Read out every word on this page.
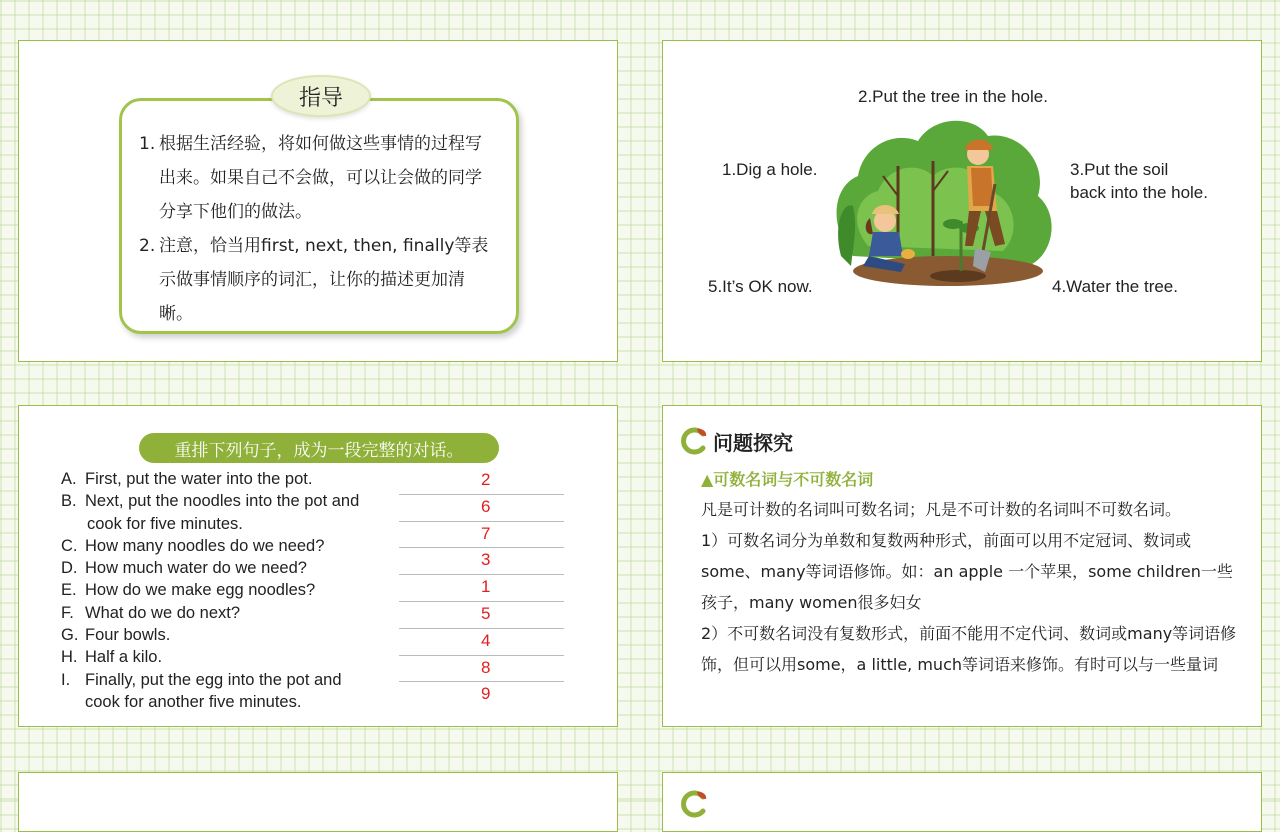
指导
1. 根据生活经验，将如何做这些事情的过程写出来。如果自己不会做，可以让会做的同学分享下他们的做法。
2. 注意，恰当用first, next, then, finally等表示做事情顺序的词汇，让你的描述更加清晰。
2.Put the tree in the hole.
1.Dig a hole.	3.Put the soil
back into the hole.
4.Water the tree.
5.It’s OK now.
重排下列句子，成为一段完整的对话。
A. First, put the water into the pot.
B. Next, put the noodles into the pot and
cook for five minutes.
C. How many noodles do we need?
D. How much water do we need?
E. How do we make egg noodles?
F. What do we do next?
G. Four bowls.
H. Half a kilo.
I. Finally, put the egg into the pot and
cook for another five minutes.
2
6
7
3
1
5
4
8
9
问题探究
▲可数名词与不可数名词

凡是可计数的名词叫可数名词；凡是不可计数的名词叫不可数名词。

1）可数名词分为单数和复数两种形式，前面可以用不定冠词、数词或some、many等词语修饰。如：an apple 一个苹果，some children一些孩子，many women很多妇女

2）不可数名词没有复数形式，前面不能用不定代词、数词或many等词语修饰，但可以用some，a little, much等词语来修饰。有时可以与一些量词
